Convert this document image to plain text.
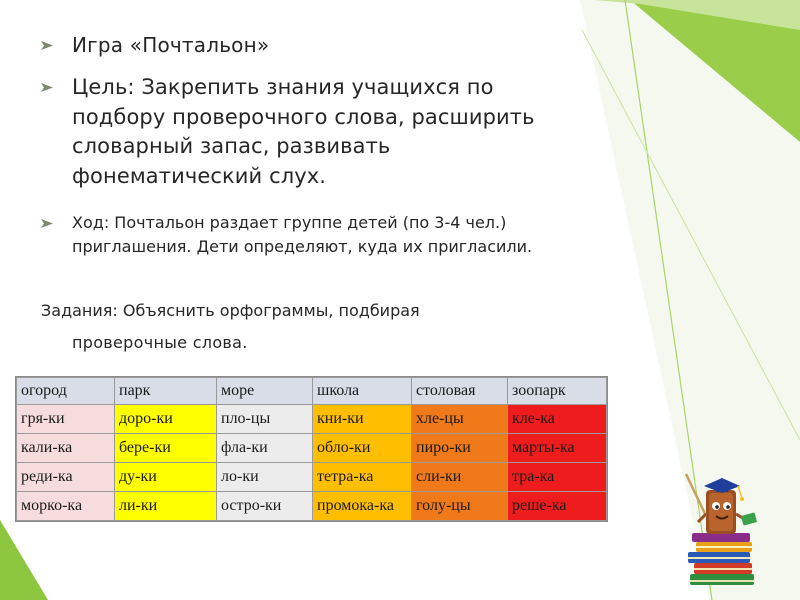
Игра «Почтальон»
Цель: Закрепить знания учащихся по подбору проверочного слова, расширить словарный запас, развивать фонематический слух.
Ход: Почтальон раздает группе детей (по 3-4 чел.) приглашения. Дети определяют, куда их пригласили.
Задания: Объяснить орфограммы, подбирая
проверочные слова.
огород	парк	море	школа	столовая	зоопарк
гря-ки	доро-ки	пло-цы	кни-ки	хле-цы	кле-ка
кали-ка	бере-ки	фла-ки	обло-ки	пиро-ки	марты-ка
реди-ка	ду-ки	ло-ки	тетра-ка	сли-ки	тра-ка
морко-ка	ли-ки	остро-ки	промока-ка	голу-цы	реше-ка
